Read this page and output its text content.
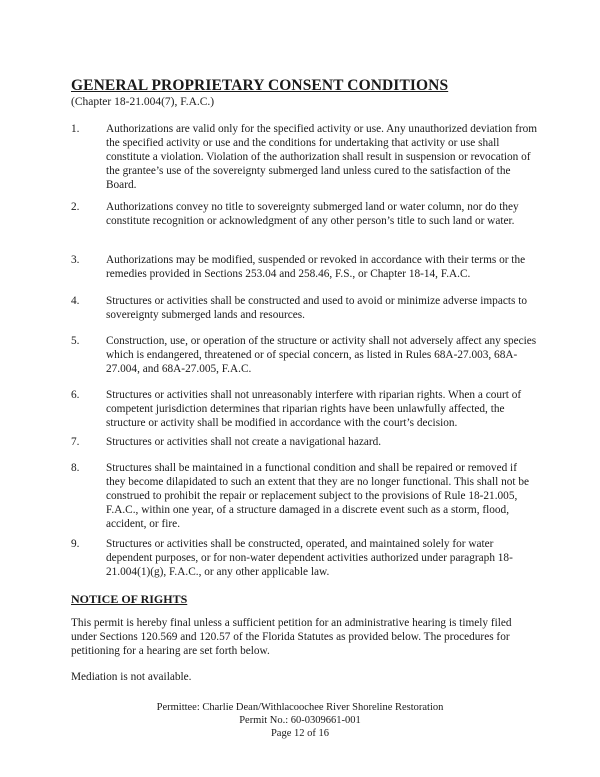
GENERAL PROPRIETARY CONSENT CONDITIONS
(Chapter 18-21.004(7), F.A.C.)
1. Authorizations are valid only for the specified activity or use. Any unauthorized deviation from the specified activity or use and the conditions for undertaking that activity or use shall constitute a violation. Violation of the authorization shall result in suspension or revocation of the grantee’s use of the sovereignty submerged land unless cured to the satisfaction of the Board.
2. Authorizations convey no title to sovereignty submerged land or water column, nor do they constitute recognition or acknowledgment of any other person’s title to such land or water.
3. Authorizations may be modified, suspended or revoked in accordance with their terms or the remedies provided in Sections 253.04 and 258.46, F.S., or Chapter 18-14, F.A.C.
4. Structures or activities shall be constructed and used to avoid or minimize adverse impacts to sovereignty submerged lands and resources.
5. Construction, use, or operation of the structure or activity shall not adversely affect any species which is endangered, threatened or of special concern, as listed in Rules 68A-27.003, 68A-27.004, and 68A-27.005, F.A.C.
6. Structures or activities shall not unreasonably interfere with riparian rights. When a court of competent jurisdiction determines that riparian rights have been unlawfully affected, the structure or activity shall be modified in accordance with the court’s decision.
7. Structures or activities shall not create a navigational hazard.
8. Structures shall be maintained in a functional condition and shall be repaired or removed if they become dilapidated to such an extent that they are no longer functional. This shall not be construed to prohibit the repair or replacement subject to the provisions of Rule 18-21.005, F.A.C., within one year, of a structure damaged in a discrete event such as a storm, flood, accident, or fire.
9. Structures or activities shall be constructed, operated, and maintained solely for water dependent purposes, or for non-water dependent activities authorized under paragraph 18-21.004(1)(g), F.A.C., or any other applicable law.
NOTICE OF RIGHTS
This permit is hereby final unless a sufficient petition for an administrative hearing is timely filed under Sections 120.569 and 120.57 of the Florida Statutes as provided below. The procedures for petitioning for a hearing are set forth below.
Mediation is not available.
Permittee: Charlie Dean/Withlacoochee River Shoreline Restoration
Permit No.: 60-0309661-001
Page 12 of 16
